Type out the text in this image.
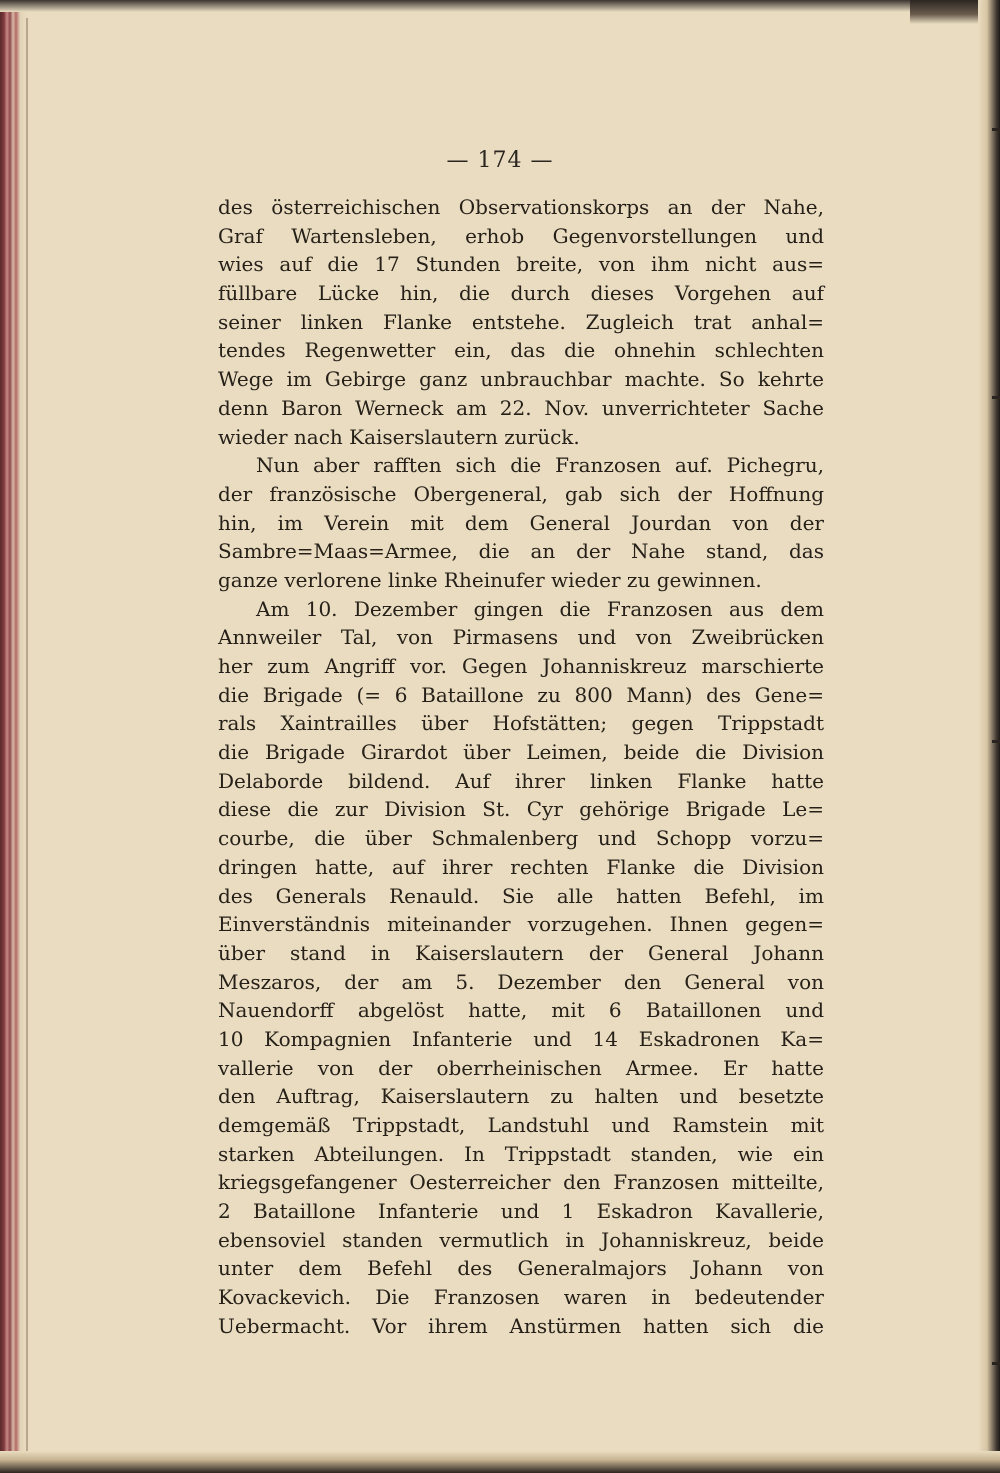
— 174 —
des österreichischen Observationskorps an der Nahe,
Graf Wartensleben, erhob Gegenvorstellungen und
wies auf die 17 Stunden breite, von ihm nicht aus=
füllbare Lücke hin, die durch dieses Vorgehen auf
seiner linken Flanke entstehe. Zugleich trat anhal=
tendes Regenwetter ein, das die ohnehin schlechten
Wege im Gebirge ganz unbrauchbar machte. So kehrte
denn Baron Werneck am 22. Nov. unverrichteter Sache
wieder nach Kaiserslautern zurück.
Nun aber rafften sich die Franzosen auf. Pichegru,
der französische Obergeneral, gab sich der Hoffnung
hin, im Verein mit dem General Jourdan von der
Sambre=Maas=Armee, die an der Nahe stand, das
ganze verlorene linke Rheinufer wieder zu gewinnen.
Am 10. Dezember gingen die Franzosen aus dem
Annweiler Tal, von Pirmasens und von Zweibrücken
her zum Angriff vor. Gegen Johanniskreuz marschierte
die Brigade (= 6 Bataillone zu 800 Mann) des Gene=
rals Xaintrailles über Hofstätten; gegen Trippstadt
die Brigade Girardot über Leimen, beide die Division
Delaborde bildend. Auf ihrer linken Flanke hatte
diese die zur Division St. Cyr gehörige Brigade Le=
courbe, die über Schmalenberg und Schopp vorzu=
dringen hatte, auf ihrer rechten Flanke die Division
des Generals Renauld. Sie alle hatten Befehl, im
Einverständnis miteinander vorzugehen. Ihnen gegen=
über stand in Kaiserslautern der General Johann
Meszaros, der am 5. Dezember den General von
Nauendorff abgelöst hatte, mit 6 Bataillonen und
10 Kompagnien Infanterie und 14 Eskadronen Ka=
vallerie von der oberrheinischen Armee. Er hatte
den Auftrag, Kaiserslautern zu halten und besetzte
demgemäß Trippstadt, Landstuhl und Ramstein mit
starken Abteilungen. In Trippstadt standen, wie ein
kriegsgefangener Oesterreicher den Franzosen mitteilte,
2 Bataillone Infanterie und 1 Eskadron Kavallerie,
ebensoviel standen vermutlich in Johanniskreuz, beide
unter dem Befehl des Generalmajors Johann von
Kovackevich. Die Franzosen waren in bedeutender
Uebermacht. Vor ihrem Anstürmen hatten sich die
